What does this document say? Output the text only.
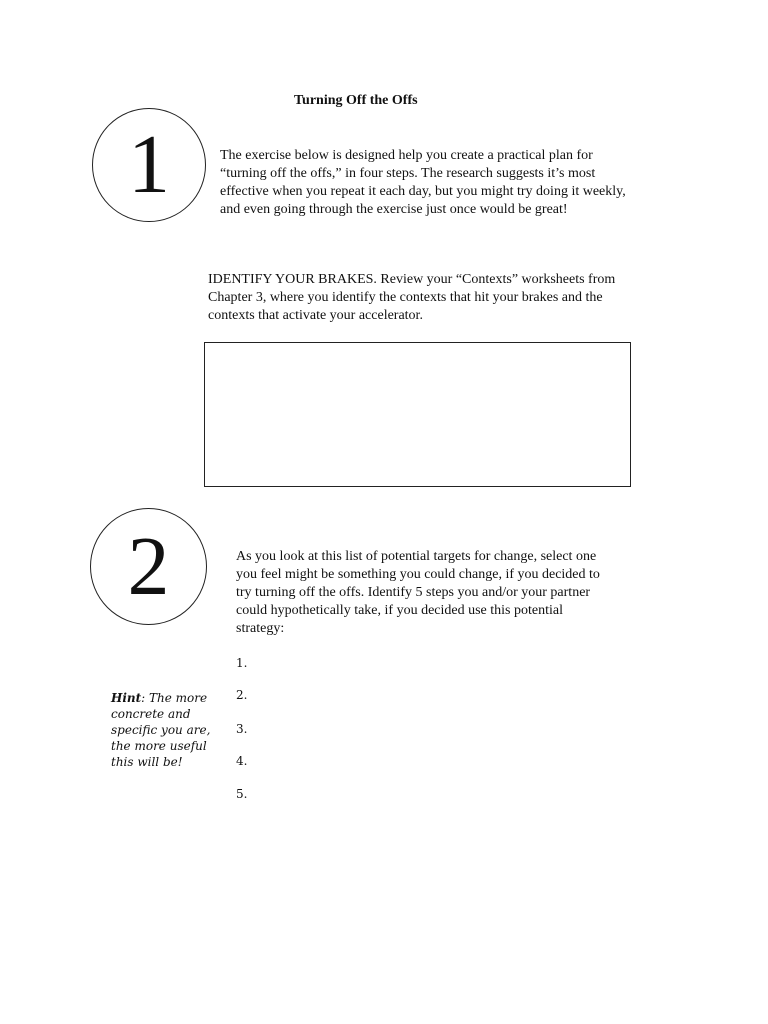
Turning Off the Offs
1	The exercise below is designed help you create a practical plan for “turning off the offs,” in four steps. The research suggests it’s most effective when you repeat it each day, but you might try doing it weekly, and even going through the exercise just once would be great!
IDENTIFY YOUR BRAKES. Review your “Contexts” worksheets from Chapter 3, where you identify the contexts that hit your brakes and the contexts that activate your accelerator.
2	As you look at this list of potential targets for change, select one you feel might be something you could change, if you decided to try turning off the offs. Identify 5 steps you and/or your partner could hypothetically take, if you decided use this potential strategy:
1.
2.
3.
4.
5.
Hint: The more concrete and specific you are, the more useful this will be!
